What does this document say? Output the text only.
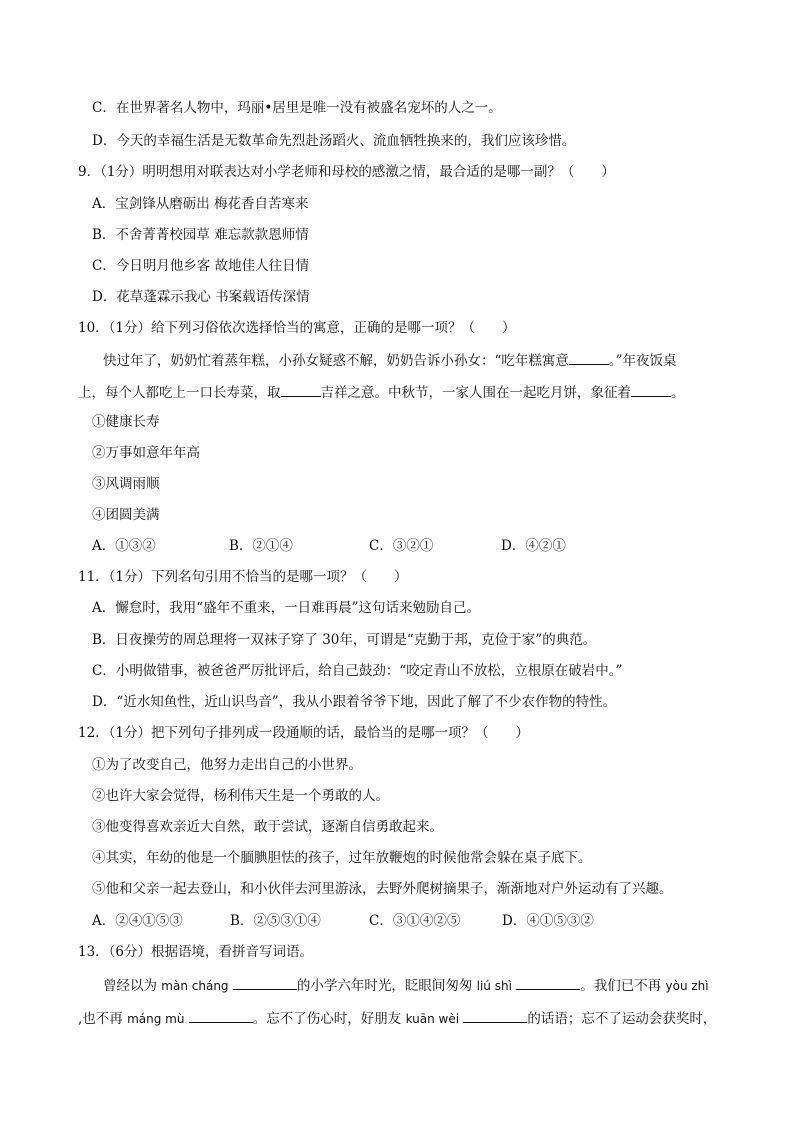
C．在世界著名人物中，玛丽•居里是唯一没有被盛名宠坏的人之一。
D．今天的幸福生活是无数革命先烈赴汤蹈火、流血牺牲换来的，我们应该珍惜。
9．（1分）明明想用对联表达对小学老师和母校的感激之情，最合适的是哪一副？（　　）
A．宝剑锋从磨砺出 梅花香自苦寒来
B．不舍菁菁校园草 难忘款款恩师情
C．今日明月他乡客 故地佳人往日情
D．花草蓬霖示我心 书案载语传深情
10．（1分）给下列习俗依次选择恰当的寓意，正确的是哪一项？（　　）
快过年了，奶奶忙着蒸年糕，小孙女疑惑不解，奶奶告诉小孙女：“吃年糕寓意	。”年夜饭桌
上，每个人都吃上一口长寿菜，取	吉祥之意。中秋节，一家人围在一起吃月饼，象征着	。
①健康长寿
②万事如意年年高
③风调雨顺
④团圆美满
A．①③②	B．②①④	C．③②①	D．④②①
11．（1分）下列名句引用不恰当的是哪一项？（　　）
A．懈怠时，我用“盛年不重来，一日难再晨”这句话来勉励自己。
B．日夜操劳的周总理将一双袜子穿了 30年，可谓是“克勤于邦，克俭于家”的典范。
C．小明做错事，被爸爸严厉批评后，给自己鼓劲：“咬定青山不放松，立根原在破岩中。”
D．“近水知鱼性，近山识鸟音”，我从小跟着爷爷下地，因此了解了不少农作物的特性。
12．（1分）把下列句子排列成一段通顺的话，最恰当的是哪一项？（　　）
①为了改变自己，他努力走出自己的小世界。
②也许大家会觉得，杨利伟天生是一个勇敢的人。
③他变得喜欢亲近大自然，敢于尝试，逐渐自信勇敢起来。
④其实，年幼的他是一个腼腆胆怯的孩子，过年放鞭炮的时候他常会躲在桌子底下。
⑤他和父亲一起去登山，和小伙伴去河里游泳，去野外爬树摘果子，渐渐地对户外运动有了兴趣。
A．②④①⑤③	B．②⑤③①④	C．③①④②⑤	D．④①⑤③②
13．（6分）根据语境，看拼音写词语。
曾经以为 màn cháng	的小学六年时光，眨眼间匆匆 liú shì	。我们已不再 yòu zhì
,也不再 máng mù	。忘不了伤心时，好朋友 kuān wèi	的话语；忘不了运动会获奖时，
